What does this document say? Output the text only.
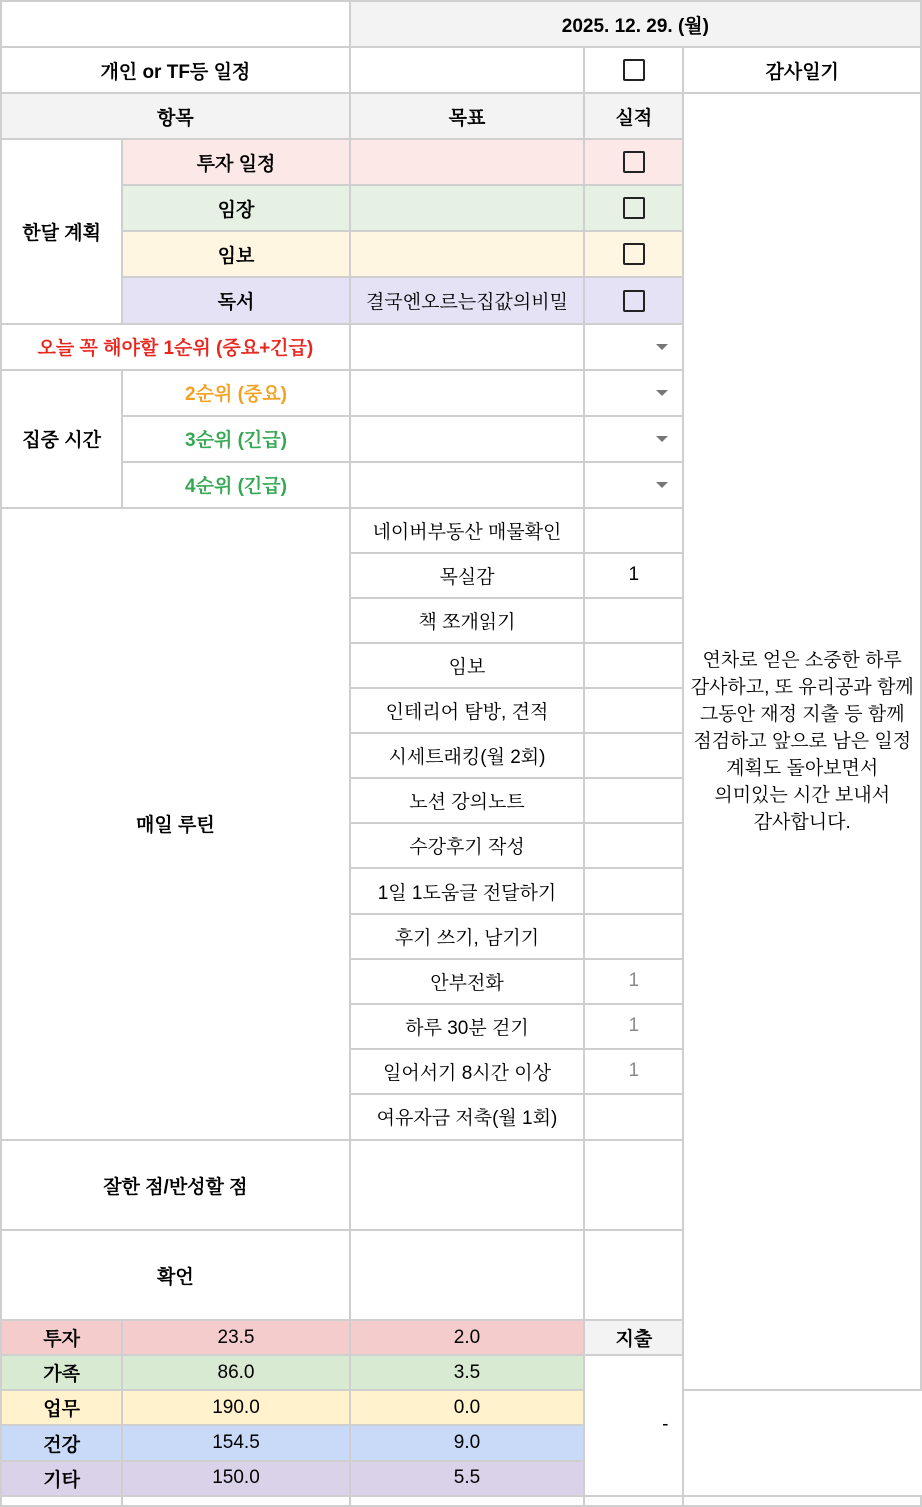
		2025. 12. 29. (월)		
개인 or TF등 일정				감사일기
항목		목표	실적	연차로 얻은 소중한 하루 감사하고, 또 유리공과 함께 그동안 재정 지출 등 함께 점검하고 앞으로 남은 일정 계획도 돌아보면서 의미있는 시간 보내서 감사합니다.
한달 계획	투자 일정			
	임장			
	임보			
	독서	결국엔오르는집값의비밀		
오늘 꼭 해야할 1순위 (중요+긴급)				
집중 시간	2순위 (중요)			
	3순위 (긴급)			
	4순위 (긴급)			
매일 루틴		네이버부동산 매물확인		
		목실감	1	
		책 쪼개읽기		
		임보		
		인테리어 탐방, 견적		
		시세트래킹(월 2회)		
		노션 강의노트		
		수강후기 작성		
		1일 1도움글 전달하기		
		후기 쓰기, 남기기		
		안부전화	1	
		하루 30분 걷기	1	
		일어서기 8시간 이상	1	
		여유자금 저축(월 1회)		
잘한 점/반성할 점				
확언				
투자	23.5	2.0	지출	
가족	86.0	3.5	-	
업무	190.0	0.0		
건강	154.5	9.0		
기타	150.0	5.5		
